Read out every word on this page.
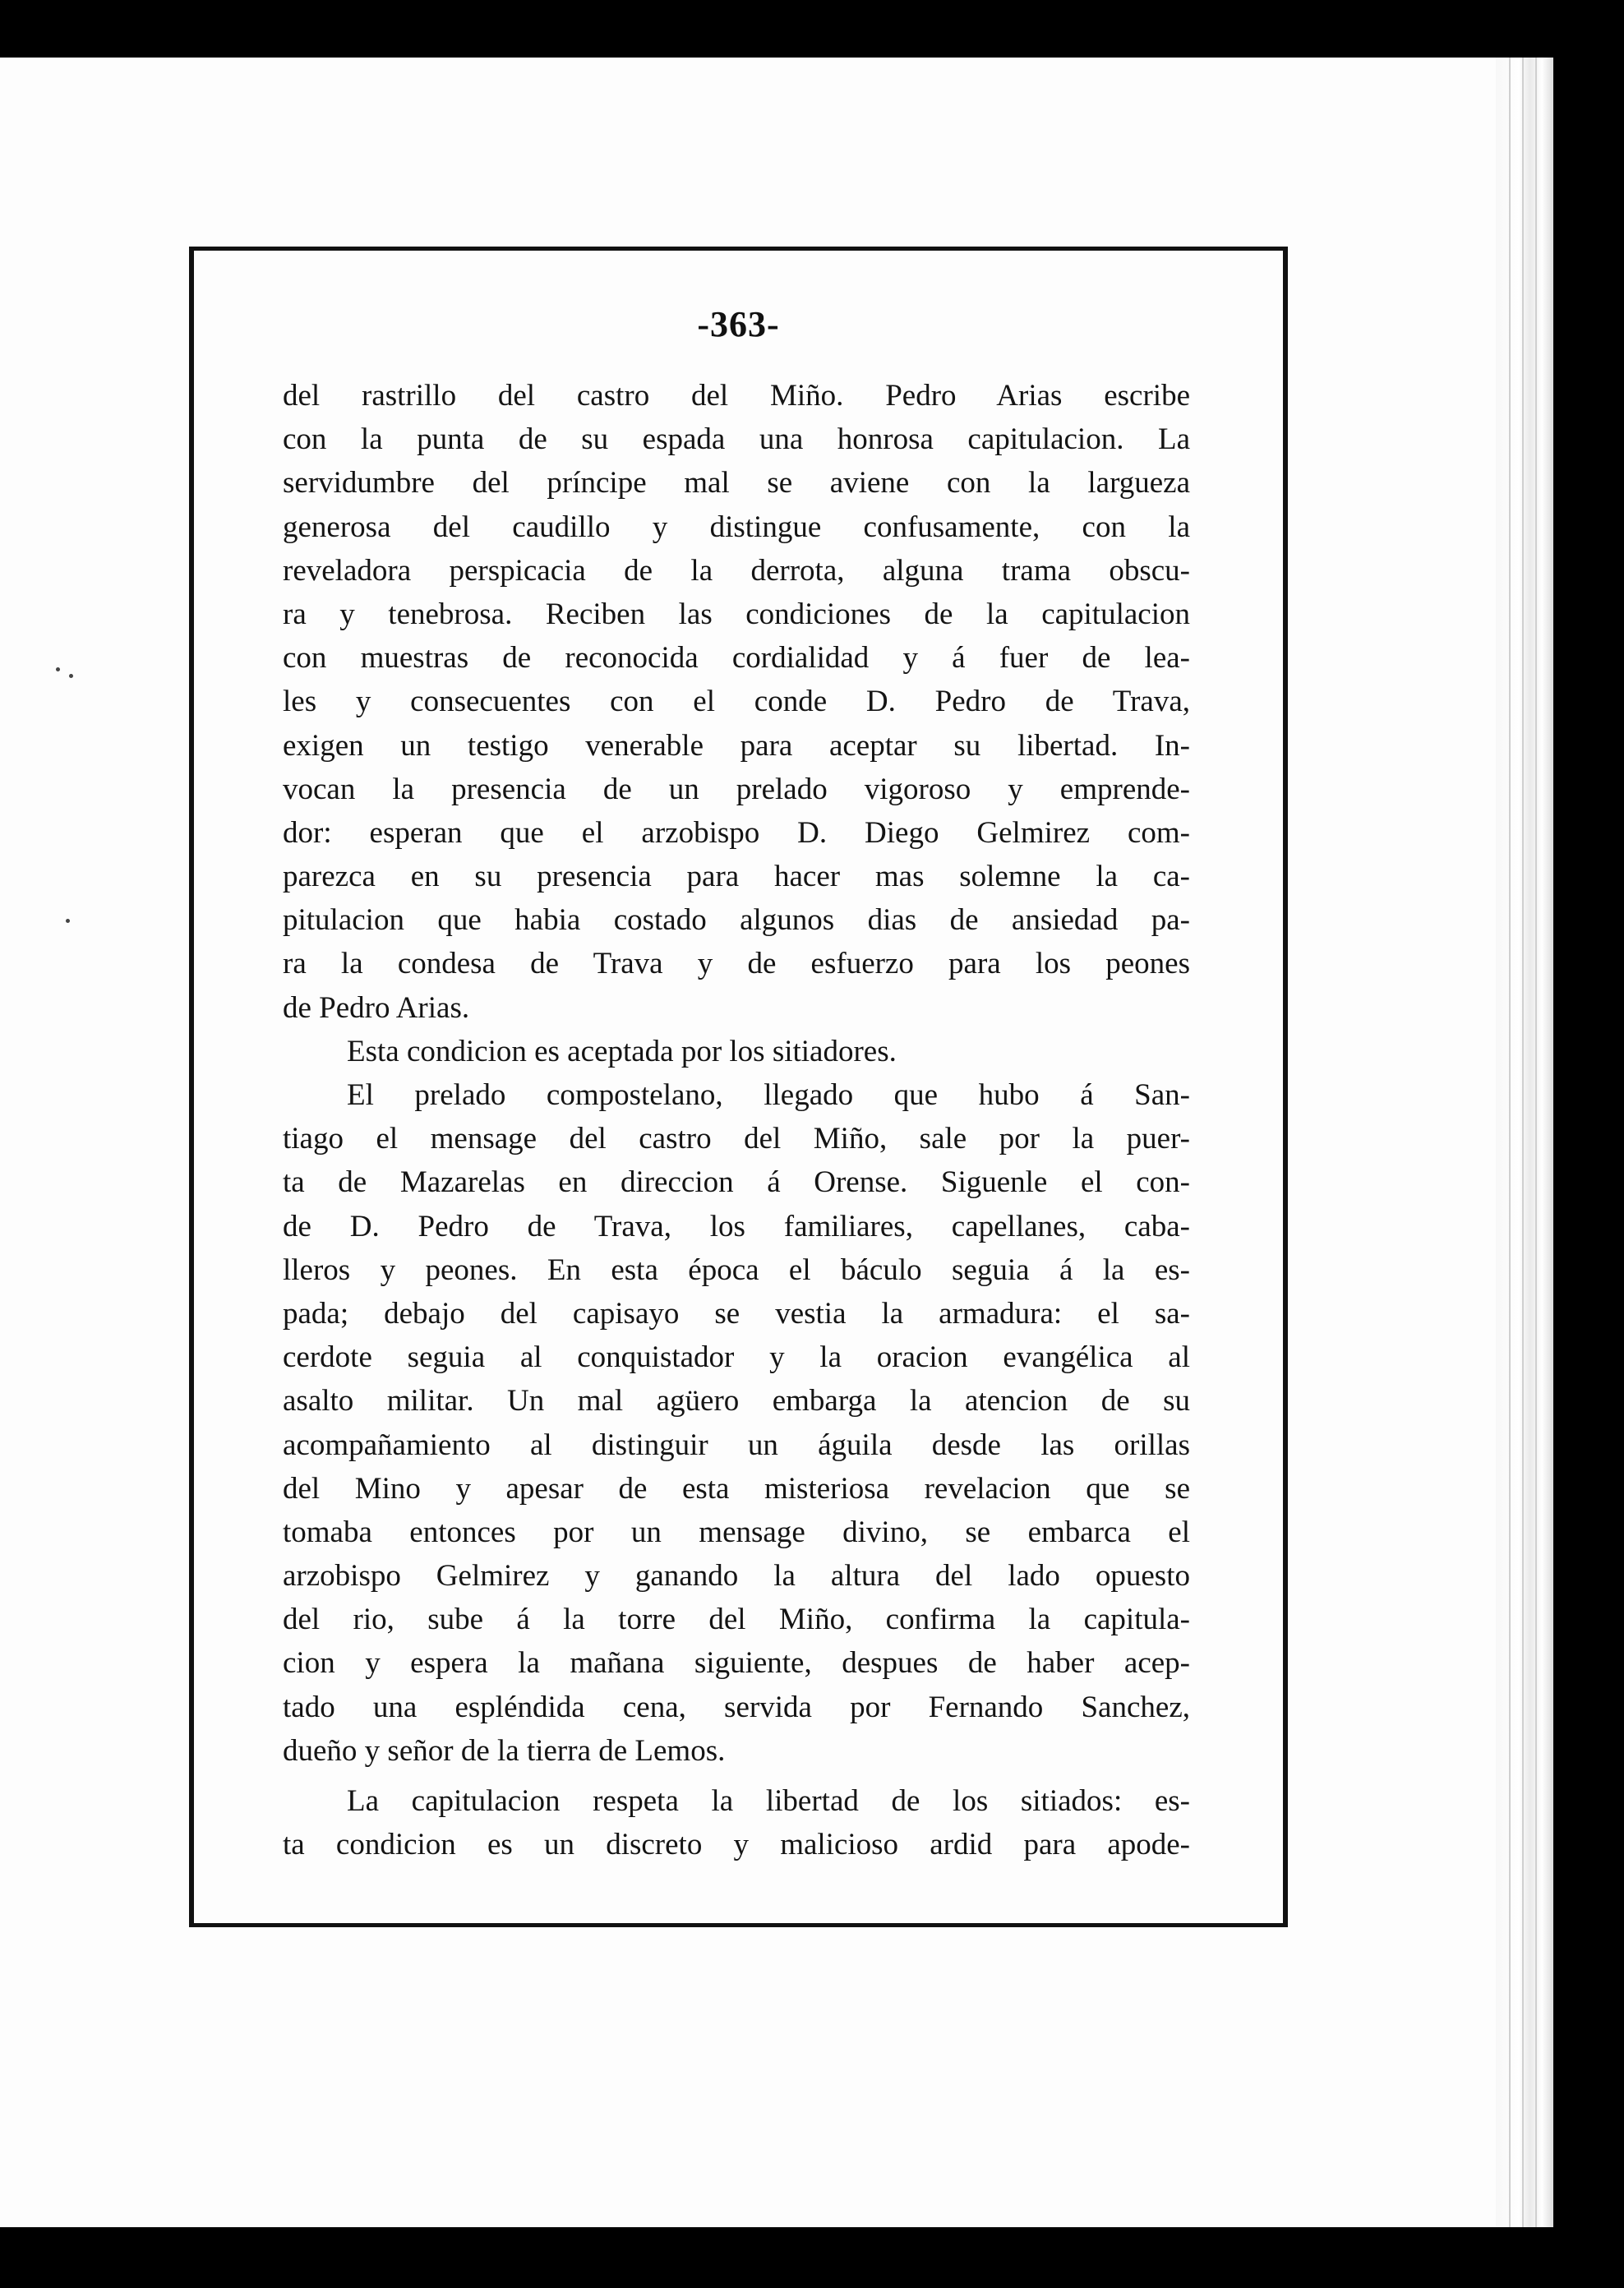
-363-
del rastrillo del castro del Miño. Pedro Arias escribe
con la punta de su espada una honrosa capitulacion. La
servidumbre del príncipe mal se aviene con la largueza
generosa del caudillo y distingue confusamente, con la
reveladora perspicacia de la derrota, alguna trama obscu-
ra y tenebrosa. Reciben las condiciones de la capitulacion
con muestras de reconocida cordialidad y á fuer de lea-
les y consecuentes con el conde D. Pedro de Trava,
exigen un testigo venerable para aceptar su libertad. In-
vocan la presencia de un prelado vigoroso y emprende-
dor: esperan que el arzobispo D. Diego Gelmirez com-
parezca en su presencia para hacer mas solemne la ca-
pitulacion que habia costado algunos dias de ansiedad pa-
ra la condesa de Trava y de esfuerzo para los peones
de Pedro Arias.
Esta condicion es aceptada por los sitiadores.
El prelado compostelano, llegado que hubo á San-
tiago el mensage del castro del Miño, sale por la puer-
ta de Mazarelas en direccion á Orense. Siguenle el con-
de D. Pedro de Trava, los familiares, capellanes, caba-
lleros y peones. En esta época el báculo seguia á la es-
pada; debajo del capisayo se vestia la armadura: el sa-
cerdote seguia al conquistador y la oracion evangélica al
asalto militar. Un mal agüero embarga la atencion de su
acompañamiento al distinguir un águila desde las orillas
del Mino y apesar de esta misteriosa revelacion que se
tomaba entonces por un mensage divino, se embarca el
arzobispo Gelmirez y ganando la altura del lado opuesto
del rio, sube á la torre del Miño, confirma la capitula-
cion y espera la mañana siguiente, despues de haber acep-
tado una espléndida cena, servida por Fernando Sanchez,
dueño y señor de la tierra de Lemos.
La capitulacion respeta la libertad de los sitiados: es-
ta condicion es un discreto y malicioso ardid para apode-
